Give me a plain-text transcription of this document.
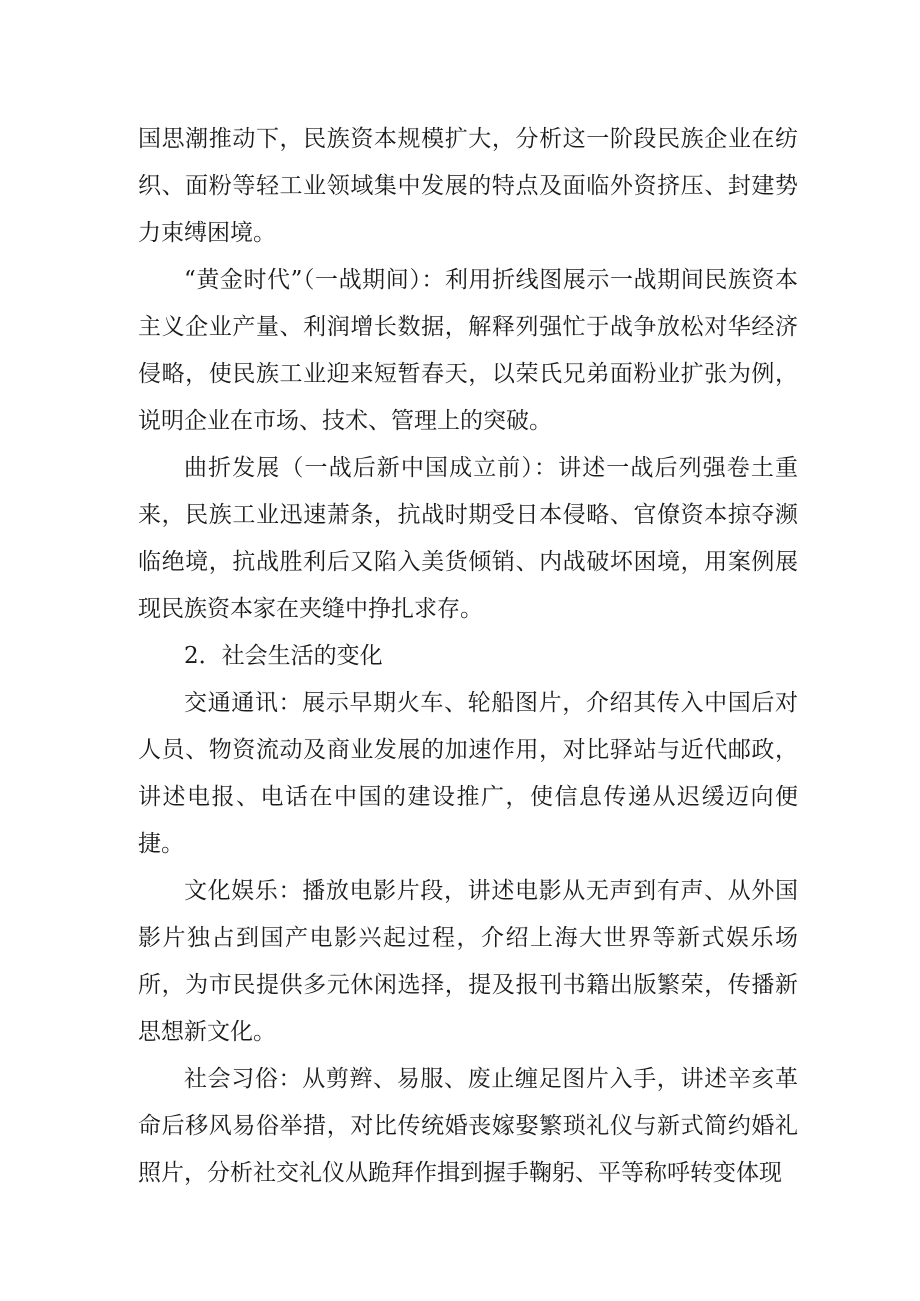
国思潮推动下，民族资本规模扩大，分析这一阶段民族企业在纺织、面粉等轻工业领域集中发展的特点及面临外资挤压、封建势力束缚困境。

“黄金时代”（一战期间）：利用折线图展示一战期间民族资本主义企业产量、利润增长数据，解释列强忙于战争放松对华经济侵略，使民族工业迎来短暂春天，以荣氏兄弟面粉业扩张为例，说明企业在市场、技术、管理上的突破。

曲折发展（一战后新中国成立前）：讲述一战后列强卷土重来，民族工业迅速萧条，抗战时期受日本侵略、官僚资本掠夺濒临绝境，抗战胜利后又陷入美货倾销、内战破坏困境，用案例展现民族资本家在夹缝中挣扎求存。

2．社会生活的变化

交通通讯：展示早期火车、轮船图片，介绍其传入中国后对人员、物资流动及商业发展的加速作用，对比驿站与近代邮政，讲述电报、电话在中国的建设推广，使信息传递从迟缓迈向便捷。

文化娱乐：播放电影片段，讲述电影从无声到有声、从外国影片独占到国产电影兴起过程，介绍上海大世界等新式娱乐场所，为市民提供多元休闲选择，提及报刊书籍出版繁荣，传播新思想新文化。

社会习俗：从剪辫、易服、废止缠足图片入手，讲述辛亥革命后移风易俗举措，对比传统婚丧嫁娶繁琐礼仪与新式简约婚礼照片，分析社交礼仪从跪拜作揖到握手鞠躬、平等称呼转变体现
